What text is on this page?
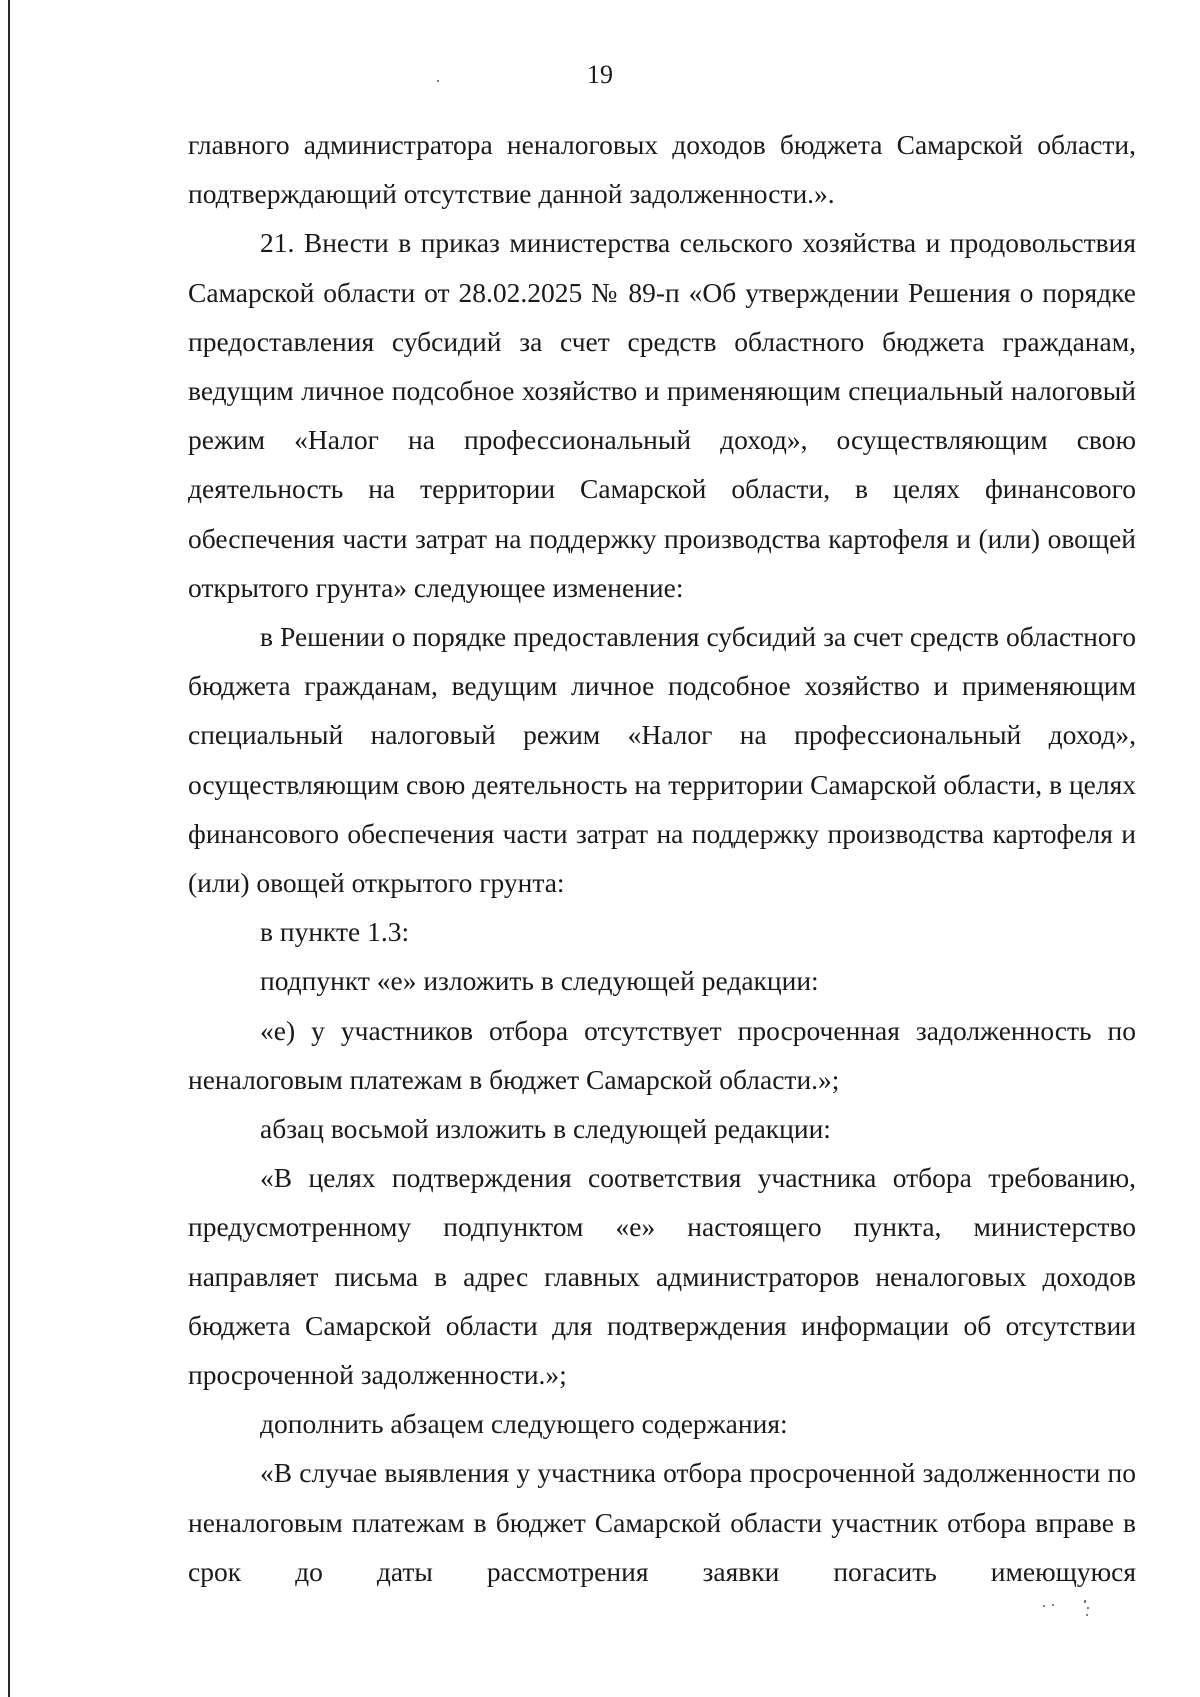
19

главного администратора неналоговых доходов бюджета Самарской области, подтверждающий отсутствие данной задолженности.».

21. Внести в приказ министерства сельского хозяйства и продовольствия Самарской области от 28.02.2025 № 89-п «Об утверждении Решения о порядке предоставления субсидий за счет средств областного бюджета гражданам, ведущим личное подсобное хозяйство и применяющим специальный налоговый режим «Налог на профессиональный доход», осуществляющим свою деятельность на территории Самарской области, в целях финансового обеспечения части затрат на поддержку производства картофеля и (или) овощей открытого грунта» следующее изменение:

в Решении о порядке предоставления субсидий за счет средств областного бюджета гражданам, ведущим личное подсобное хозяйство и применяющим специальный налоговый режим «Налог на профессиональный доход», осуществляющим свою деятельность на территории Самарской области, в целях финансового обеспечения части затрат на поддержку производства картофеля и (или) овощей открытого грунта:

в пункте 1.3:

подпункт «е» изложить в следующей редакции:

«е) у участников отбора отсутствует просроченная задолженность по неналоговым платежам в бюджет Самарской области.»;

абзац восьмой изложить в следующей редакции:

«В целях подтверждения соответствия участника отбора требованию, предусмотренному подпунктом «е» настоящего пункта, министерство направляет письма в адрес главных администраторов неналоговых доходов бюджета Самарской области для подтверждения информации об отсутствии просроченной задолженности.»;

дополнить абзацем следующего содержания:

«В случае выявления у участника отбора просроченной задолженности по неналоговым платежам в бюджет Самарской области участник отбора вправе в срок до даты рассмотрения заявки погасить имеющуюся
